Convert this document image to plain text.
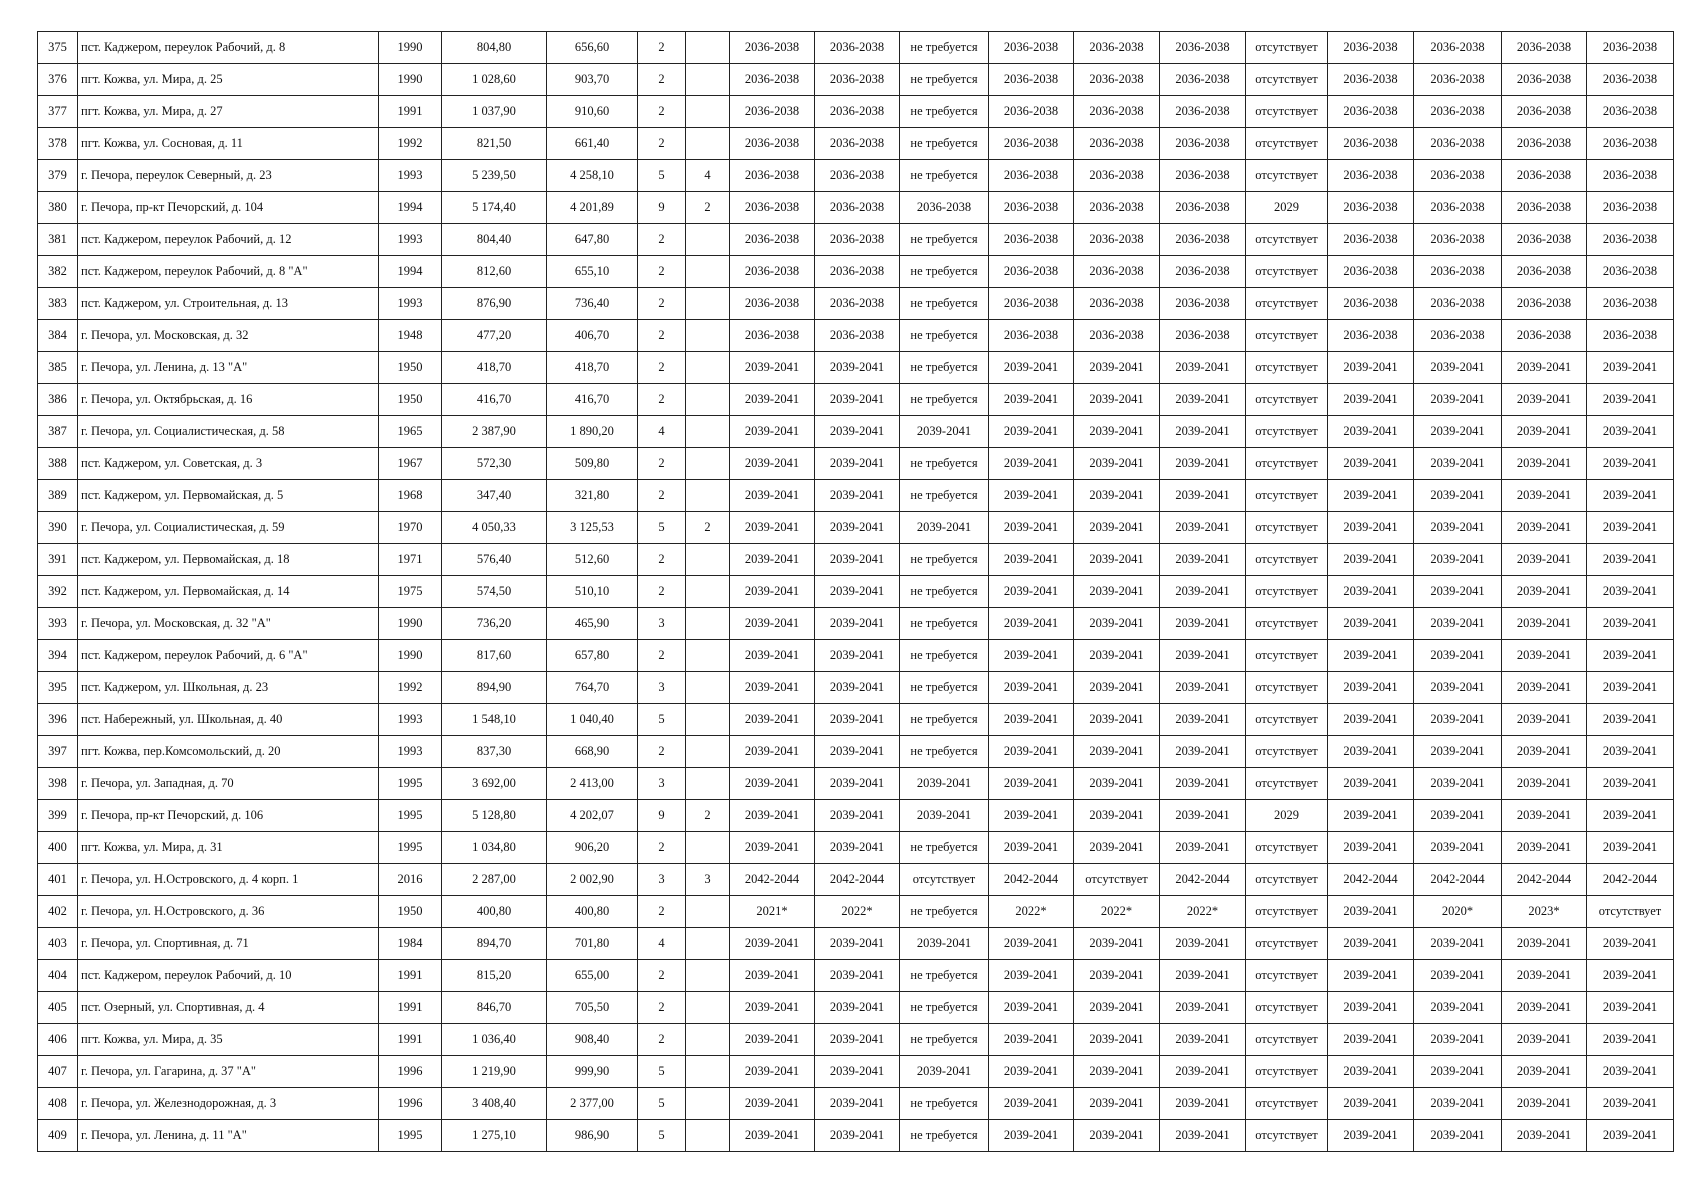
375	пст. Каджером, переулок Рабочий, д. 8	1990	804,80	656,60	2		2036-2038	2036-2038	не требуется	2036-2038	2036-2038	2036-2038	отсутствует	2036-2038	2036-2038	2036-2038	2036-2038
376	пгт. Кожва, ул. Мира, д. 25	1990	1 028,60	903,70	2		2036-2038	2036-2038	не требуется	2036-2038	2036-2038	2036-2038	отсутствует	2036-2038	2036-2038	2036-2038	2036-2038
377	пгт. Кожва, ул. Мира, д. 27	1991	1 037,90	910,60	2		2036-2038	2036-2038	не требуется	2036-2038	2036-2038	2036-2038	отсутствует	2036-2038	2036-2038	2036-2038	2036-2038
378	пгт. Кожва, ул. Сосновая, д. 11	1992	821,50	661,40	2		2036-2038	2036-2038	не требуется	2036-2038	2036-2038	2036-2038	отсутствует	2036-2038	2036-2038	2036-2038	2036-2038
379	г. Печора, переулок Северный, д. 23	1993	5 239,50	4 258,10	5	4	2036-2038	2036-2038	не требуется	2036-2038	2036-2038	2036-2038	отсутствует	2036-2038	2036-2038	2036-2038	2036-2038
380	г. Печора, пр-кт Печорский, д. 104	1994	5 174,40	4 201,89	9	2	2036-2038	2036-2038	2036-2038	2036-2038	2036-2038	2036-2038	2029	2036-2038	2036-2038	2036-2038	2036-2038
381	пст. Каджером, переулок Рабочий, д. 12	1993	804,40	647,80	2		2036-2038	2036-2038	не требуется	2036-2038	2036-2038	2036-2038	отсутствует	2036-2038	2036-2038	2036-2038	2036-2038
382	пст. Каджером, переулок Рабочий, д. 8 "А"	1994	812,60	655,10	2		2036-2038	2036-2038	не требуется	2036-2038	2036-2038	2036-2038	отсутствует	2036-2038	2036-2038	2036-2038	2036-2038
383	пст. Каджером, ул. Строительная, д. 13	1993	876,90	736,40	2		2036-2038	2036-2038	не требуется	2036-2038	2036-2038	2036-2038	отсутствует	2036-2038	2036-2038	2036-2038	2036-2038
384	г. Печора, ул. Московская, д. 32	1948	477,20	406,70	2		2036-2038	2036-2038	не требуется	2036-2038	2036-2038	2036-2038	отсутствует	2036-2038	2036-2038	2036-2038	2036-2038
385	г. Печора, ул. Ленина, д. 13 "А"	1950	418,70	418,70	2		2039-2041	2039-2041	не требуется	2039-2041	2039-2041	2039-2041	отсутствует	2039-2041	2039-2041	2039-2041	2039-2041
386	г. Печора, ул. Октябрьская, д. 16	1950	416,70	416,70	2		2039-2041	2039-2041	не требуется	2039-2041	2039-2041	2039-2041	отсутствует	2039-2041	2039-2041	2039-2041	2039-2041
387	г. Печора, ул. Социалистическая, д. 58	1965	2 387,90	1 890,20	4		2039-2041	2039-2041	2039-2041	2039-2041	2039-2041	2039-2041	отсутствует	2039-2041	2039-2041	2039-2041	2039-2041
388	пст. Каджером, ул. Советская, д. 3	1967	572,30	509,80	2		2039-2041	2039-2041	не требуется	2039-2041	2039-2041	2039-2041	отсутствует	2039-2041	2039-2041	2039-2041	2039-2041
389	пст. Каджером, ул. Первомайская, д. 5	1968	347,40	321,80	2		2039-2041	2039-2041	не требуется	2039-2041	2039-2041	2039-2041	отсутствует	2039-2041	2039-2041	2039-2041	2039-2041
390	г. Печора, ул. Социалистическая, д. 59	1970	4 050,33	3 125,53	5	2	2039-2041	2039-2041	2039-2041	2039-2041	2039-2041	2039-2041	отсутствует	2039-2041	2039-2041	2039-2041	2039-2041
391	пст. Каджером, ул. Первомайская, д. 18	1971	576,40	512,60	2		2039-2041	2039-2041	не требуется	2039-2041	2039-2041	2039-2041	отсутствует	2039-2041	2039-2041	2039-2041	2039-2041
392	пст. Каджером, ул. Первомайская, д. 14	1975	574,50	510,10	2		2039-2041	2039-2041	не требуется	2039-2041	2039-2041	2039-2041	отсутствует	2039-2041	2039-2041	2039-2041	2039-2041
393	г. Печора, ул. Московская, д. 32 "А"	1990	736,20	465,90	3		2039-2041	2039-2041	не требуется	2039-2041	2039-2041	2039-2041	отсутствует	2039-2041	2039-2041	2039-2041	2039-2041
394	пст. Каджером, переулок Рабочий, д. 6 "А"	1990	817,60	657,80	2		2039-2041	2039-2041	не требуется	2039-2041	2039-2041	2039-2041	отсутствует	2039-2041	2039-2041	2039-2041	2039-2041
395	пст. Каджером, ул. Школьная, д. 23	1992	894,90	764,70	3		2039-2041	2039-2041	не требуется	2039-2041	2039-2041	2039-2041	отсутствует	2039-2041	2039-2041	2039-2041	2039-2041
396	пст. Набережный, ул. Школьная, д. 40	1993	1 548,10	1 040,40	5		2039-2041	2039-2041	не требуется	2039-2041	2039-2041	2039-2041	отсутствует	2039-2041	2039-2041	2039-2041	2039-2041
397	пгт. Кожва, пер.Комсомольский, д. 20	1993	837,30	668,90	2		2039-2041	2039-2041	не требуется	2039-2041	2039-2041	2039-2041	отсутствует	2039-2041	2039-2041	2039-2041	2039-2041
398	г. Печора, ул. Западная, д. 70	1995	3 692,00	2 413,00	3		2039-2041	2039-2041	2039-2041	2039-2041	2039-2041	2039-2041	отсутствует	2039-2041	2039-2041	2039-2041	2039-2041
399	г. Печора, пр-кт Печорский, д. 106	1995	5 128,80	4 202,07	9	2	2039-2041	2039-2041	2039-2041	2039-2041	2039-2041	2039-2041	2029	2039-2041	2039-2041	2039-2041	2039-2041
400	пгт. Кожва, ул. Мира, д. 31	1995	1 034,80	906,20	2		2039-2041	2039-2041	не требуется	2039-2041	2039-2041	2039-2041	отсутствует	2039-2041	2039-2041	2039-2041	2039-2041
401	г. Печора, ул. Н.Островского, д. 4 корп. 1	2016	2 287,00	2 002,90	3	3	2042-2044	2042-2044	отсутствует	2042-2044	отсутствует	2042-2044	отсутствует	2042-2044	2042-2044	2042-2044	2042-2044
402	г. Печора, ул. Н.Островского, д. 36	1950	400,80	400,80	2		2021*	2022*	не требуется	2022*	2022*	2022*	отсутствует	2039-2041	2020*	2023*	отсутствует
403	г. Печора, ул. Спортивная, д. 71	1984	894,70	701,80	4		2039-2041	2039-2041	2039-2041	2039-2041	2039-2041	2039-2041	отсутствует	2039-2041	2039-2041	2039-2041	2039-2041
404	пст. Каджером, переулок Рабочий, д. 10	1991	815,20	655,00	2		2039-2041	2039-2041	не требуется	2039-2041	2039-2041	2039-2041	отсутствует	2039-2041	2039-2041	2039-2041	2039-2041
405	пст. Озерный, ул. Спортивная, д. 4	1991	846,70	705,50	2		2039-2041	2039-2041	не требуется	2039-2041	2039-2041	2039-2041	отсутствует	2039-2041	2039-2041	2039-2041	2039-2041
406	пгт. Кожва, ул. Мира, д. 35	1991	1 036,40	908,40	2		2039-2041	2039-2041	не требуется	2039-2041	2039-2041	2039-2041	отсутствует	2039-2041	2039-2041	2039-2041	2039-2041
407	г. Печора, ул. Гагарина, д. 37 "А"	1996	1 219,90	999,90	5		2039-2041	2039-2041	2039-2041	2039-2041	2039-2041	2039-2041	отсутствует	2039-2041	2039-2041	2039-2041	2039-2041
408	г. Печора, ул. Железнодорожная, д. 3	1996	3 408,40	2 377,00	5		2039-2041	2039-2041	не требуется	2039-2041	2039-2041	2039-2041	отсутствует	2039-2041	2039-2041	2039-2041	2039-2041
409	г. Печора, ул. Ленина, д. 11 "А"	1995	1 275,10	986,90	5		2039-2041	2039-2041	не требуется	2039-2041	2039-2041	2039-2041	отсутствует	2039-2041	2039-2041	2039-2041	2039-2041
